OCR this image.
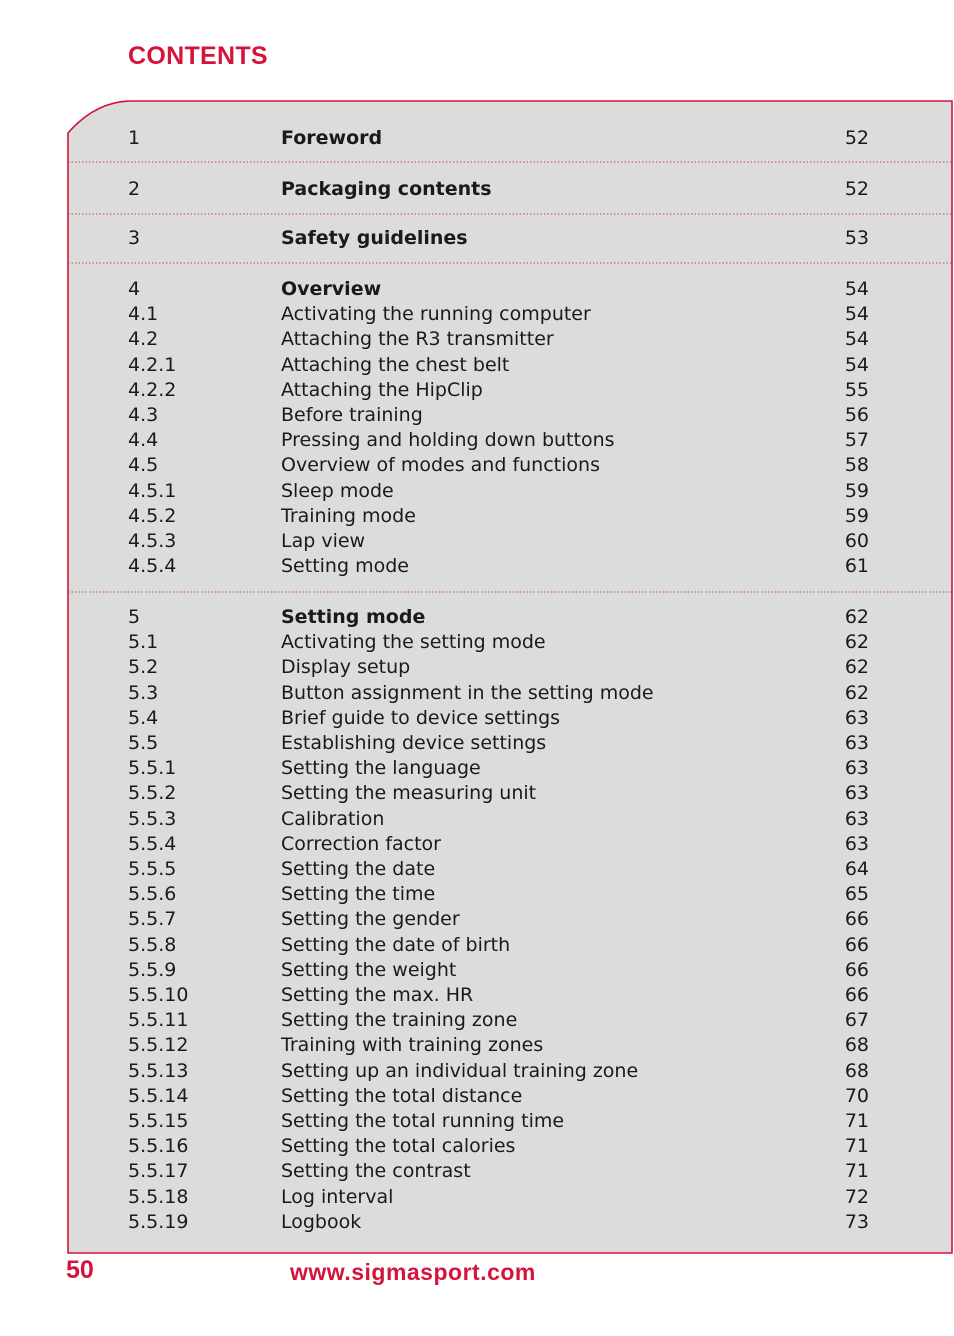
CONTENTS
1	Foreword	52
2	Packaging contents	52
3	Safety guidelines	53
4	Overview	54
4.1	Activating the running computer	54
4.2	Attaching the R3 transmitter	54
4.2.1	Attaching the chest belt	54
4.2.2	Attaching the HipClip	55
4.3	Before training	56
4.4	Pressing and holding down buttons	57
4.5	Overview of modes and functions	58
4.5.1	Sleep mode	59
4.5.2	Training mode	59
4.5.3	Lap view	60
4.5.4	Setting mode	61
5	Setting mode	62
5.1	Activating the setting mode	62
5.2	Display setup	62
5.3	Button assignment in the setting mode	62
5.4	Brief guide to device settings	63
5.5	Establishing device settings	63
5.5.1	Setting the language	63
5.5.2	Setting the measuring unit	63
5.5.3	Calibration	63
5.5.4	Correction factor	63
5.5.5	Setting the date	64
5.5.6	Setting the time	65
5.5.7	Setting the gender	66
5.5.8	Setting the date of birth	66
5.5.9	Setting the weight	66
5.5.10	Setting the max. HR	66
5.5.11	Setting the training zone	67
5.5.12	Training with training zones	68
5.5.13	Setting up an individual training zone	68
5.5.14	Setting the total distance	70
5.5.15	Setting the total running time	71
5.5.16	Setting the total calories	71
5.5.17	Setting the contrast	71
5.5.18	Log interval	72
5.5.19	Logbook	73
50	www.sigmasport.com
